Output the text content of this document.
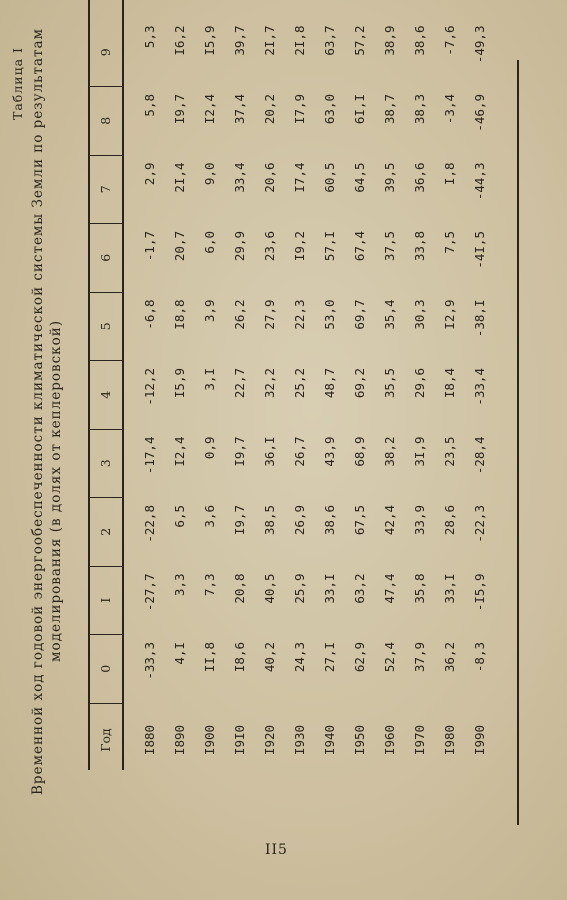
Таблица I Временной ход годовой энергообеспеченности климатической системы Земли по результатам моделирования (в долях от кеплеровской)
Год
0
I
2
3
4
5
6
7
8
9
I880
-33,3
-27,7
-22,8
-17,4
-12,2
-6,8
-1,7
2,9
5,8
5,3
I890
4,I
3,3
6,5
I2,4
I5,9
I8,8
20,7
2I,4
I9,7
I6,2
I900
II,8
7,3
3,6
0,9
3,I
3,9
6,0
9,0
I2,4
I5,9
I9I0
I8,6
20,8
I9,7
I9,7
22,7
26,2
29,9
33,4
37,4
39,7
I920
40,2
40,5
38,5
36,I
32,2
27,9
23,6
20,6
20,2
2I,7
I930
24,3
25,9
26,9
26,7
25,2
22,3
I9,2
I7,4
I7,9
2I,8
I940
27,I
33,I
38,6
43,9
48,7
53,0
57,I
60,5
63,0
63,7
I950
62,9
63,2
67,5
68,9
69,2
69,7
67,4
64,5
6I,I
57,2
I960
52,4
47,4
42,4
38,2
35,5
35,4
37,5
39,5
38,7
38,9
I970
37,9
35,8
33,9
3I,9
29,6
30,3
33,8
36,6
38,3
38,6
I980
36,2
33,I
28,6
23,5
I8,4
I2,9
7,5
I,8
-3,4
-7,6
I990
-8,3
-I5,9
-22,3
-28,4
-33,4
-38,I
-4I,5
-44,3
-46,9
-49,3
II5
